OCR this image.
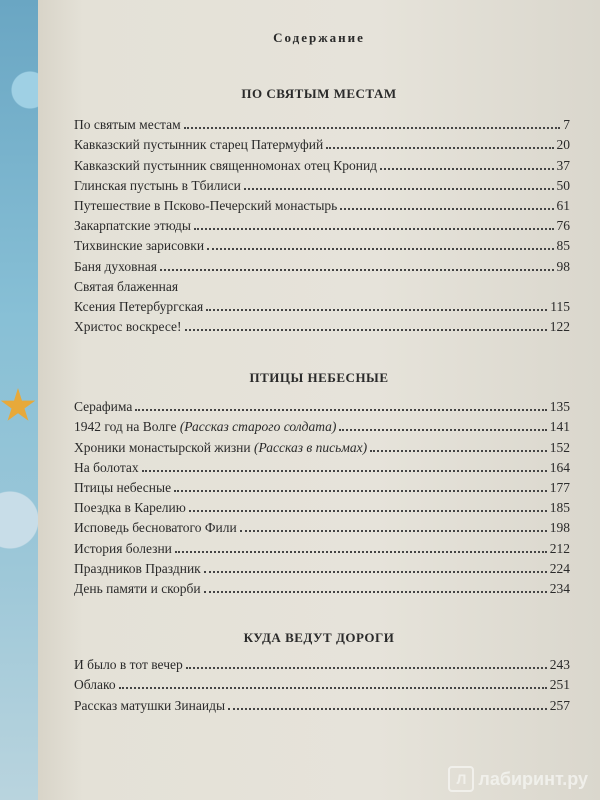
Содержание
ПО СВЯТЫМ МЕСТАМ
По святым местам	7
Кавказский пустынник старец Патермуфий	20
Кавказский пустынник священномонах отец Кронид	37
Глинская пустынь в Тбилиси	50
Путешествие в Псково-Печерский монастырь	61
Закарпатские этюды	76
Тихвинские зарисовки	85
Баня духовная	98
Святая блаженная
Ксения Петербургская	115
Христос воскресе!	122
ПТИЦЫ НЕБЕСНЫЕ
Серафима	135
1942 год на Волге (Рассказ старого солдата)	141
Хроники монастырской жизни (Рассказ в письмах)	152
На болотах	164
Птицы небесные	177
Поездка в Карелию	185
Исповедь бесноватого Фили	198
История болезни	212
Праздников Праздник	224
День памяти и скорби	234
КУДА ВЕДУТ ДОРОГИ
И было в тот вечер	243
Облако	251
Рассказ матушки Зинаиды	257
Л лабиринт.ру
